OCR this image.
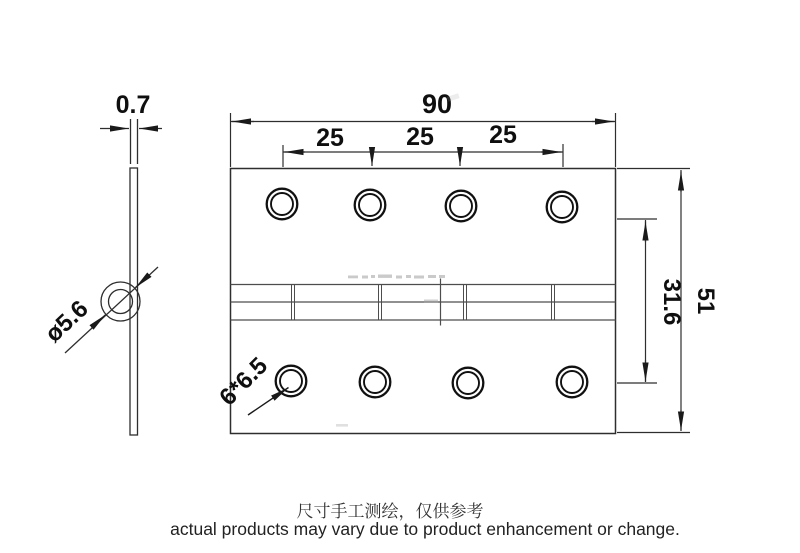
0.7
ø5.6
90
25 25 25
31.6 51
6*6.5
尺寸手工测绘，仅供参考
actual products may vary due to product enhancement or change.
